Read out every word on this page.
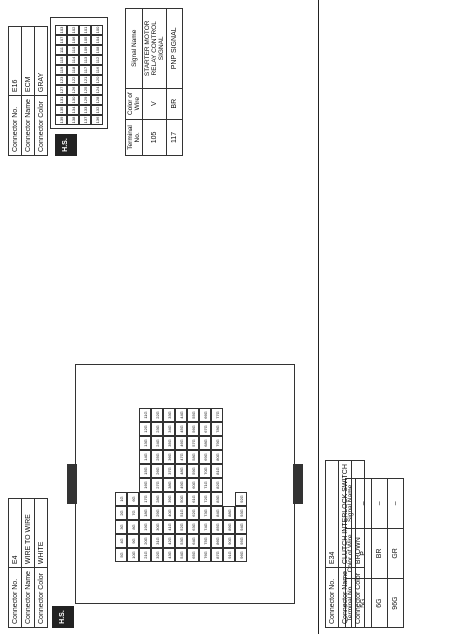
Connector No.	E4
Connector Name	WIRE TO WIRE
Connector Color	WHITE
H.S.
5G
4G
3G
2G
1G
10G
9G
8G
7G
6G
21G
20G
19G
18G
17G
16G
15G
14G
13G
12G
11G
32G
31G
30G
29G
28G
27G
26G
25G
24G
23G
22G
43G
42G
41G
40G
39G
38G
37G
36G
35G
34G
33G
54G
53G
52G
51G
50G
49G
48G
47G
46G
45G
44G
65G
64G
63G
62G
61G
60G
59G
58G
57G
56G
55G
76G
75G
74G
73G
72G
71G
70G
69G
68G
67G
66G
87G
86G
85G
84G
83G
82G
81G
80G
79G
78G
77G
91G
90G
89G
88G
96G
95G
94G
93G
92G
Terminal No.	Color of Wire	Signal Name
5G	P	–
6G	BR	–
96G	GR	–
Connector No.	E16
Connector Name	ECM
Connector Color	GRAY
H.S.
139
135
131
127
123
119
115
111
107
103
138
134
130
126
122
118
114
110
106
102
137
133
129
125
121
117
113
109
105
101
136
132
128
124
120
116
112
108
104
100
Terminal No.	Color of Wire	Signal Name
105	V	STARTER MOTOR RELAY CONTROL SIGNAL
117	BR	PNP SIGNAL
Connector No.	E34
Connector Name	CLUTCH INTERLOCK SWITCH
Connector Color	BROWN
